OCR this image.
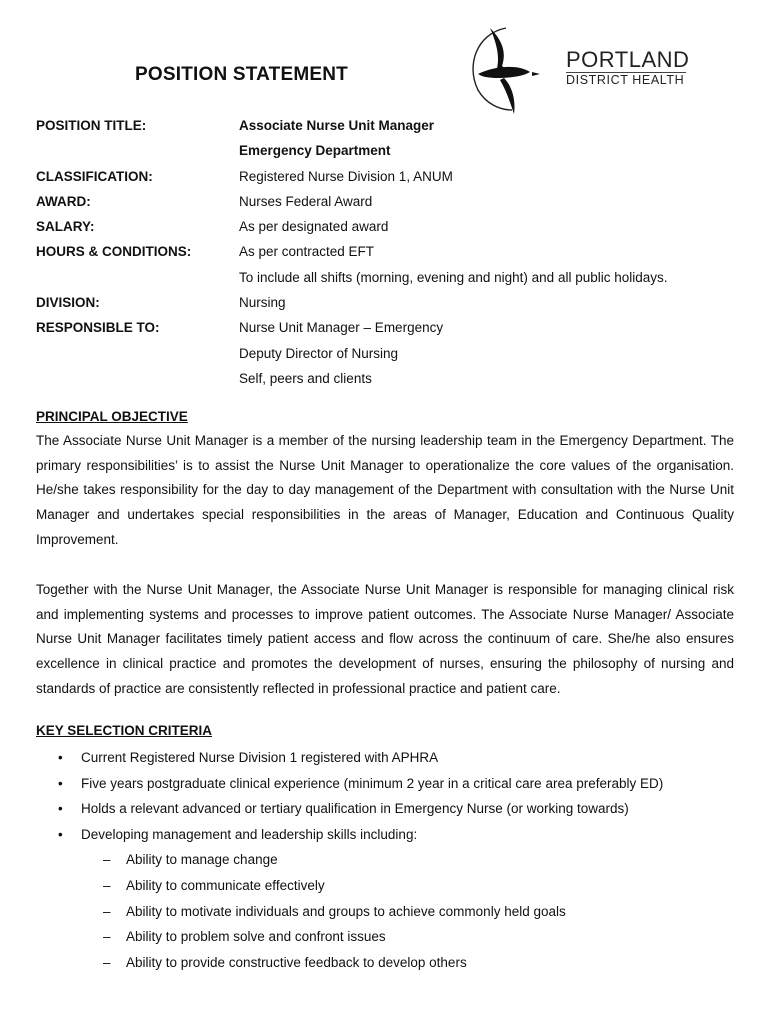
PORTLAND
DISTRICT HEALTH
POSITION STATEMENT
POSITION TITLE:	Associate Nurse Unit Manager
Emergency Department
CLASSIFICATION:	Registered Nurse Division 1, ANUM
AWARD:	Nurses Federal Award
SALARY:	As per designated award
HOURS & CONDITIONS:	As per contracted EFT
To include all shifts (morning, evening and night) and all public holidays.
DIVISION:	Nursing
RESPONSIBLE TO:	Nurse Unit Manager – Emergency
Deputy Director of Nursing
Self, peers and clients
PRINCIPAL OBJECTIVE

The Associate Nurse Unit Manager is a member of the nursing leadership team in the Emergency Department. The primary responsibilities’ is to assist the Nurse Unit Manager to operationalize the core values of the organisation. He/she takes responsibility for the day to day management of the Department with consultation with the Nurse Unit Manager and undertakes special responsibilities in the areas of Manager, Education and Continuous Quality Improvement.

Together with the Nurse Unit Manager, the Associate Nurse Unit Manager is responsible for managing clinical risk and implementing systems and processes to improve patient outcomes. The Associate Nurse Manager/ Associate Nurse Unit Manager facilitates timely patient access and flow across the continuum of care. She/he also ensures excellence in clinical practice and promotes the development of nurses, ensuring the philosophy of nursing and standards of practice are consistently reflected in professional practice and patient care.

KEY SELECTION CRITERIA
• Current Registered Nurse Division 1 registered with APHRA
• Five years postgraduate clinical experience (minimum 2 year in a critical care area preferably ED)
• Holds a relevant advanced or tertiary qualification in Emergency Nurse (or working towards)
• Developing management and leadership skills including:
– Ability to manage change
– Ability to communicate effectively
– Ability to motivate individuals and groups to achieve commonly held goals
– Ability to problem solve and confront issues
– Ability to provide constructive feedback to develop others
